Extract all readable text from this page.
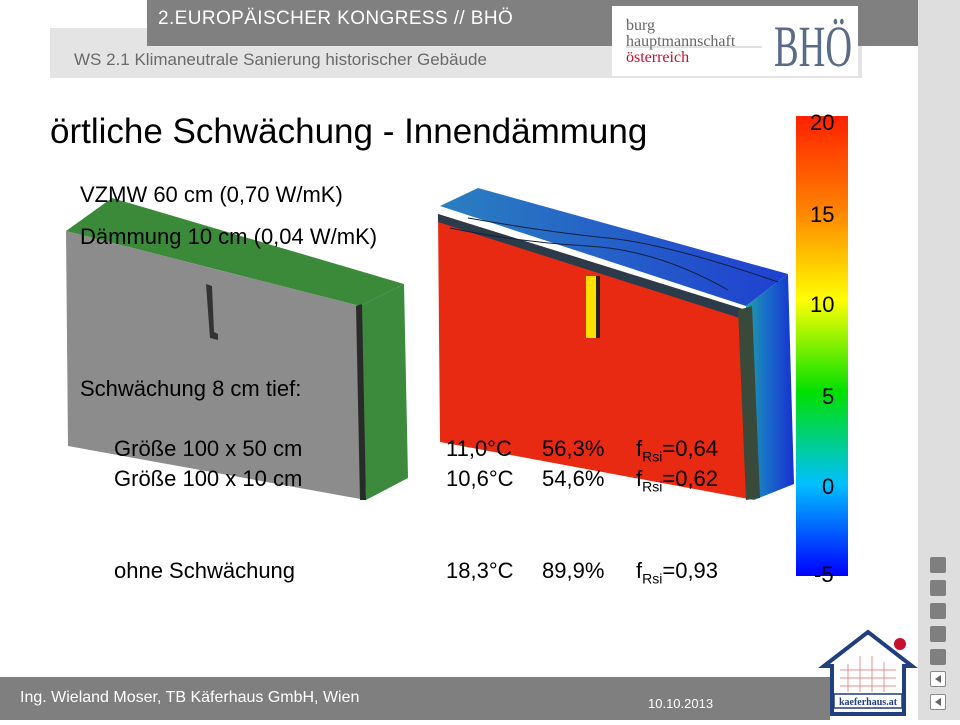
2.EUROPÄISCHER KONGRESS // BHÖ
WS 2.1 Klimaneutrale Sanierung historischer Gebäude
burg
hauptmannschaft
österreich BHÖ
örtliche Schwächung - Innendämmung
VZMW 60 cm (0,70 W/mK)
Dämmung 10 cm (0,04 W/mK)
Schwächung 8 cm tief:
Größe 100 x 50 cm	11,0°C 56,3% $f_{Rsi}=0,64$
Größe 100 x 10 cm	10,6°C 54,6% $f_{Rsi}=0,62$
ohne Schwächung	18,3°C 89,9% $f_{Rsi}=0,93$
20
15
10
5
0
-5
Ing. Wieland Moser, TB Käferhaus GmbH, Wien	10.10.2013	kaeferhaus.at
